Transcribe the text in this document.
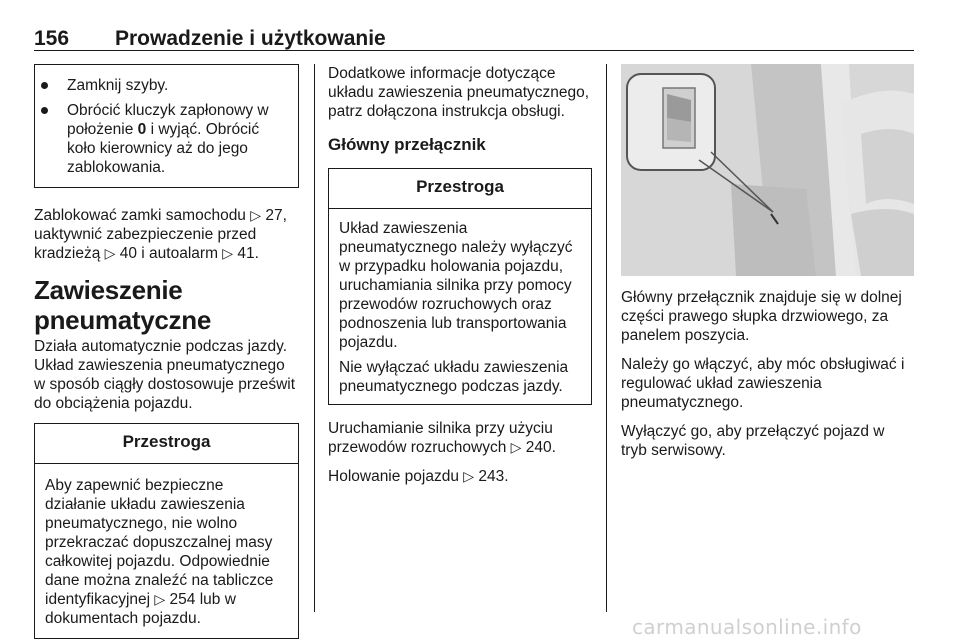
156 Prowadzenie i użytkowanie
Zamknij szyby.
Obrócić kluczyk zapłonowy w położenie 0 i wyjąć. Obrócić koło kierownicy aż do jego zablokowania.

Zablokować zamki samochodu ▷ 27, uaktywnić zabezpieczenie przed kradzieżą ▷ 40 i autoalarm ▷ 41.

Zawieszenie pneumatyczne

Działa automatycznie podczas jazdy. Układ zawieszenia pneumatycznego w sposób ciągły dostosowuje prześwit do obciążenia pojazdu.

Przestroga

Aby zapewnić bezpieczne działanie układu zawieszenia pneumatycznego, nie wolno przekraczać dopuszczalnej masy całkowitej pojazdu. Odpowiednie dane można znaleźć na tabliczce identyfikacyjnej ▷ 254 lub w dokumentach pojazdu.

Dodatkowe informacje dotyczące układu zawieszenia pneumatycznego, patrz dołączona instrukcja obsługi.

Główny przełącznik
Przestroga

Układ zawieszenia pneumatycznego należy wyłączyć w przypadku holowania pojazdu, uruchamiania silnika przy pomocy przewodów rozruchowych oraz podnoszenia lub transportowania pojazdu.

Nie wyłączać układu zawieszenia pneumatycznego podczas jazdy.

Uruchamianie silnika przy użyciu przewodów rozruchowych ▷ 240.

Holowanie pojazdu ▷ 243.

Główny przełącznik znajduje się w dolnej części prawego słupka drzwiowego, za panelem poszycia.

Należy go włączyć, aby móc obsługiwać i regulować układ zawieszenia pneumatycznego.

Wyłączyć go, aby przełączyć pojazd w tryb serwisowy.

carmanualsonline.info
